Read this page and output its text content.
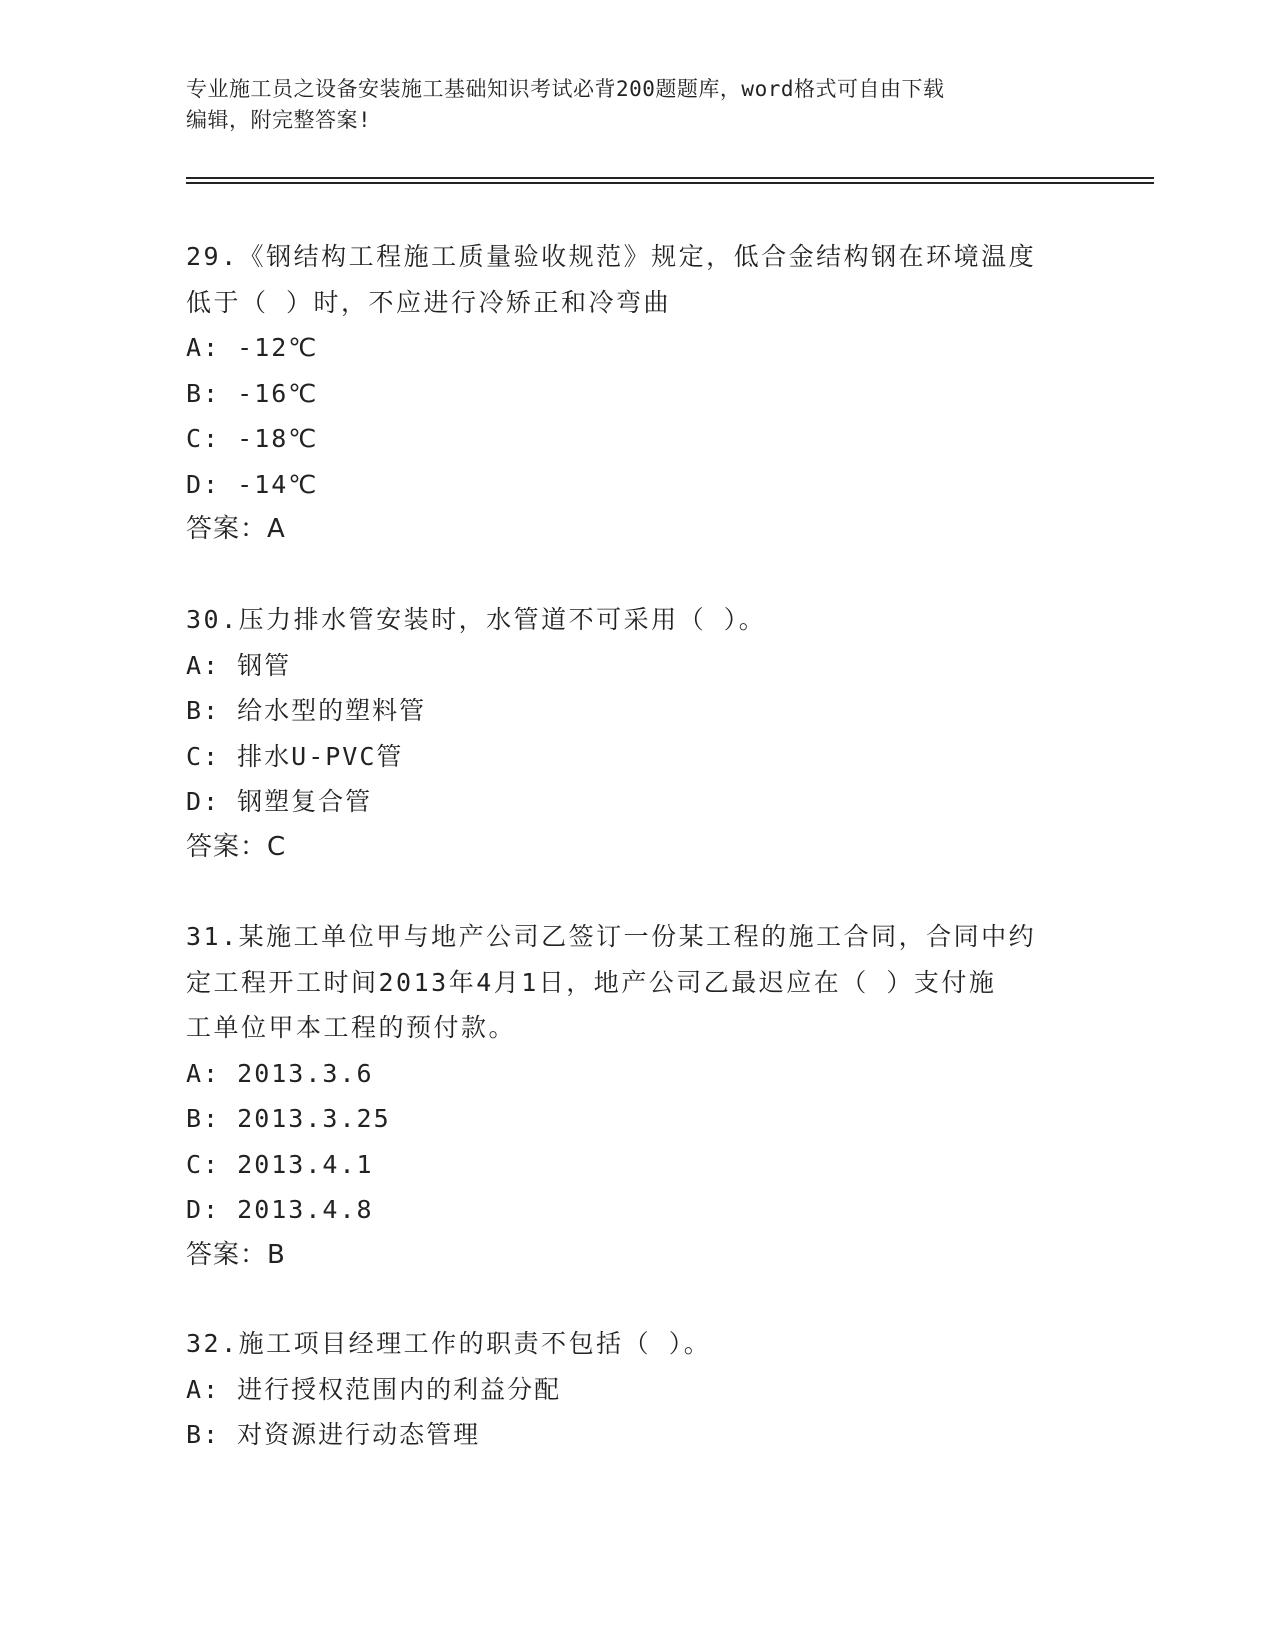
专业施工员之设备安装施工基础知识考试必背200题题库，word格式可自由下载
编辑，附完整答案!
29.《钢结构工程施工质量验收规范》规定，低合金结构钢在环境温度
低于（ ）时，不应进行冷矫正和冷弯曲
A: -12℃
B: -16℃
C: -18℃
D: -14℃
答案：A
30.压力排水管安装时，水管道不可采用（ ）。
A: 钢管
B: 给水型的塑料管
C: 排水U-PVC管
D: 钢塑复合管
答案：C
31.某施工单位甲与地产公司乙签订一份某工程的施工合同，合同中约
定工程开工时间2013年4月1日，地产公司乙最迟应在（ ）支付施
工单位甲本工程的预付款。
A: 2013.3.6
B: 2013.3.25
C: 2013.4.1
D: 2013.4.8
答案：B
32.施工项目经理工作的职责不包括（ ）。
A: 进行授权范围内的利益分配
B: 对资源进行动态管理
